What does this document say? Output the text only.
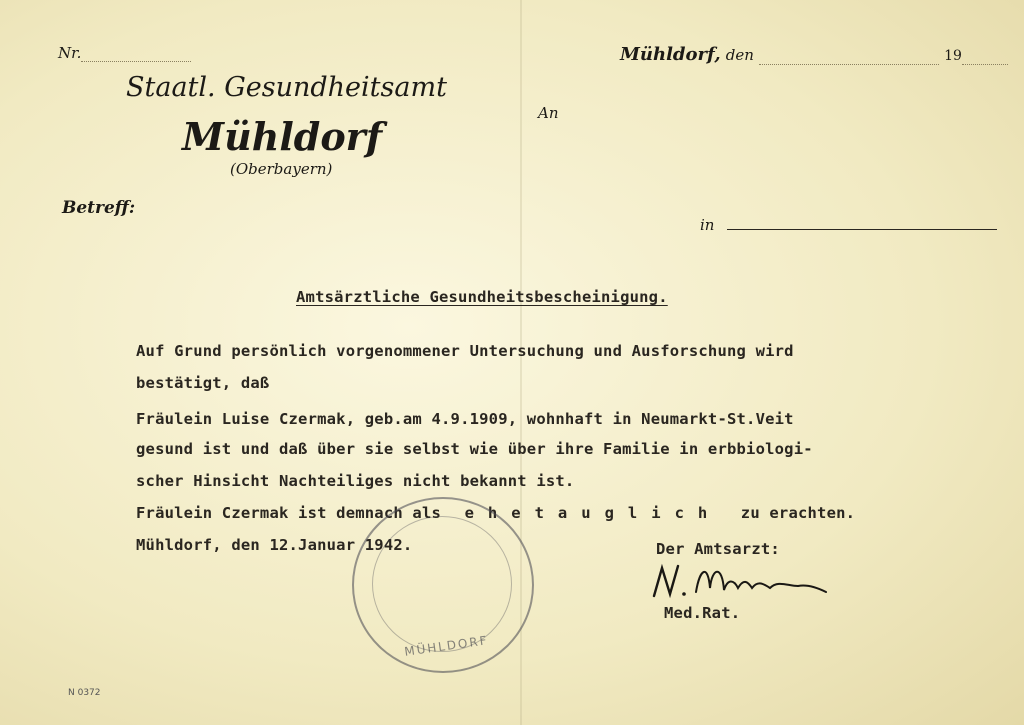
Nr.
Staatl. Gesundheitsamt
Mühldorf
(Oberbayern)
Betreff:
Mühldorf, den	19
An
in
Amtsärztliche Gesundheitsbescheinigung.
Auf Grund persönlich vorgenommener Untersuchung und Ausforschung wird
bestätigt, daß
Fräulein Luise Czermak, geb.am 4.9.1909, wohnhaft in Neumarkt-St.Veit
gesund ist und daß über sie selbst wie über ihre Familie in erbbiologi-
scher Hinsicht Nachteiliges nicht bekannt ist.
Fräulein Czermak ist demnach als ehetauglich zu erachten.
Mühldorf, den 12.Januar 1942.	Der Amtsarzt:
Med.Rat.
MÜHLDORF
N 0372
